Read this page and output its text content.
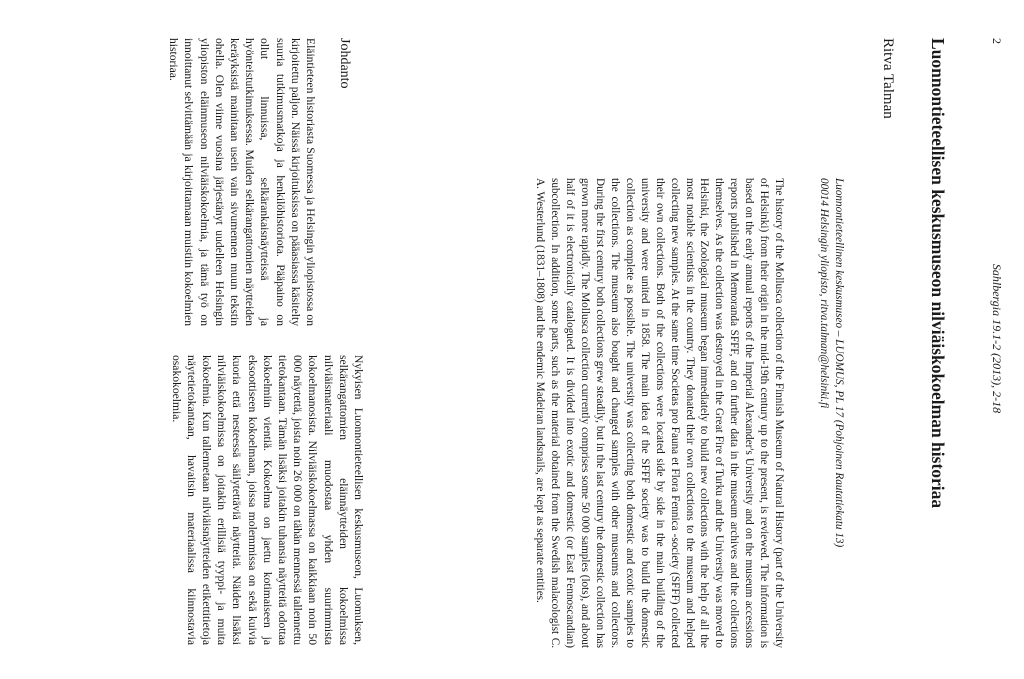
2
Sahlbergia 19.1-2 (2013), 2-18
Luonnontieteellisen keskusmuseon nilviäiskokoelman historiaa

Ritva Talman

Luonnontieteellinen keskusmuseo – LUOMUS, PL 17 (Pohjoinen Rautatiekatu 13)
00014 Helsingin yliopisto, ritva.talman@helsinki.fi

The history of the Mollusca collection of the Finnish Museum of Natural History (part of the University of Helsinki) from their origin in the mid-19th century up to the present, is reviewed. The information is based on the early annual reports of the Imperial Alexander's University and on the museum accessions reports published in Memoranda SFFF, and on further data in the museum archives and the collections themselves. As the collection was destroyed in the Great Fire of Turku and the University was moved to Helsinki, the Zoological museum began immediately to build new collections with the help of all the most notable scientists in the country. They donated their own collections to the museum and helped collecting new samples. At the same time Societas pro Fauna et Flora Fennica -society (SFFF) collected their own collections. Both of the collections were located side by side in the main building of the university and were united in 1858. The main idea of the SFFF society was to build the domestic collection as complete as possible. The university was collecting both domestic and exotic samples to the collections. The museum also bought and changed samples with other museums and collectors. During the first century both collections grew steadily, but in the last century the domestic collection has grown more rapidly. The Mollusca collection currently comprises some 50 000 samples (lots), and about half of it is electronically catalogued. It is divided into exotic and domestic (or East Fennoscandian) subcollection. In addition, some parts, such as the material obtained from the Swedish malacologist C. A. Westerlund (1831–1808) and the endemic Madeiran landsnails, are kept as separate entities.

Johdanto

Eläintieteen historiasta Suomessa ja Helsingin yliopistossa on kirjoitettu paljon. Näissä kirjoituksissa on pääasiassa käsitelty suuria tutkimusmatkoja ja henkilöhistoriota. Pääpaino on ollut linnuissa, selkärankaisnäytteissä ja hyönteistutkimuksessa. Muiden selkärangattomien näytteiden keräyksistä mainitaan usein vain sivumennen muun tekstin ohella. Olen viime vuosina järjestänyt uudelleen Helsingin yliopiston eläinmuseon nilviäiskokoelmia, ja tämä työ on innoittanut selvittämään ja kirjoittamaan muistiin kokoelmien historiaa.

Nykyisen Luonnontieteellisen keskusmuseon, Luomuksen, selkärangattomien eläinnäytteiden kokoelmissa nilviäismateriaali muodostaa yhden suurimmista kokoelmanosista. Nilviäiskokoelmassa on kaikkiaan noin 50 000 näytettä, joista noin 26 000 on tähän mennessä tallennettu tietokantaan. Tämän lisäksi joitakin tuhansia näytteitä odottaa kokoelmiin vientiä. Kokoelma on jaettu kotimaiseen ja eksoottiseen kokoelmaan, joissa molemmissa on sekä kuivia kuoria että nesteessä säilytettäviä näytteitä. Näiden lisäksi nilviäiskokoelmissa on joitakin erillisiä tyyppi- ja muita kokoelmia. Kun tallennetaan nilviäisnäytteiden etikettitietoja näytetietokantaan, havaitsin materiaalissa kiinnostavia osakokoelmia.
